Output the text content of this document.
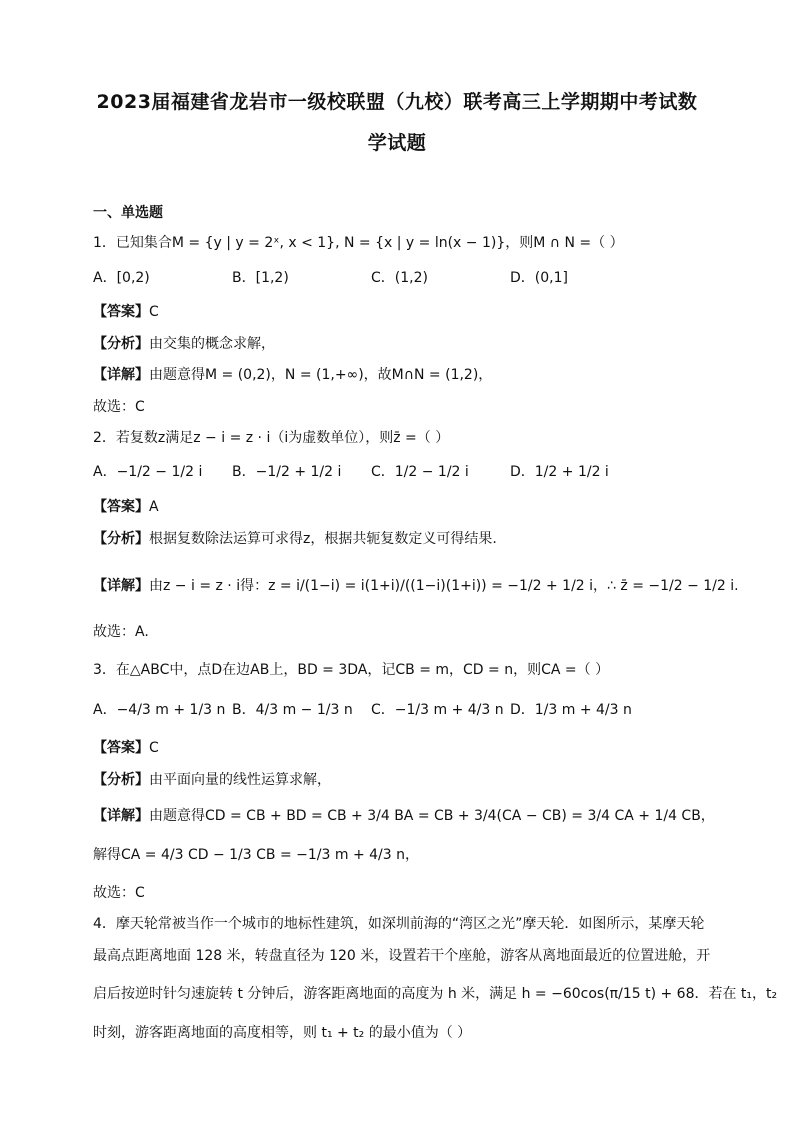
2023届福建省龙岩市一级校联盟（九校）联考高三上学期期中考试数
学试题
一、单选题
1．已知集合M = {y | y = 2ˣ, x < 1}, N = {x | y = ln(x − 1)}，则M ∩ N =（ ）
A．[0,2)	B．[1,2)	C．(1,2)	D．(0,1]
【答案】C
【分析】由交集的概念求解，
【详解】由题意得M = (0,2)，N = (1,+∞)，故M∩N = (1,2)，
故选：C
2．若复数z满足z − i = z · i（i为虚数单位），则z̄ =（ ）
A．−1/2 − 1/2 i B．−1/2 + 1/2 i C．1/2 − 1/2 i	D．1/2 + 1/2 i
【答案】A
【分析】根据复数除法运算可求得z，根据共轭复数定义可得结果.
【详解】由z − i = z · i得：z = i/(1−i) = i(1+i)/((1−i)(1+i)) = −1/2 + 1/2 i，∴ z̄ = −1/2 − 1/2 i.
故选：A.
3．在△ABC中，点D在边AB上，BD = 3DA，记CB = m，CD = n，则CA =（ ）
A．−4/3 m + 1/3 n B．4/3 m − 1/3 n C．−1/3 m + 4/3 n D．1/3 m + 4/3 n
【答案】C
【分析】由平面向量的线性运算求解，
【详解】由题意得CD = CB + BD = CB + 3/4 BA = CB + 3/4(CA − CB) = 3/4 CA + 1/4 CB，
解得CA = 4/3 CD − 1/3 CB = −1/3 m + 4/3 n，
故选：C
4．摩天轮常被当作一个城市的地标性建筑，如深圳前海的“湾区之光”摩天轮．如图所示，某摩天轮
最高点距离地面 128 米，转盘直径为 120 米，设置若干个座舱，游客从离地面最近的位置进舱，开
启后按逆时针匀速旋转 t 分钟后，游客距离地面的高度为 h 米，满足 h = −60cos(π/15 t) + 68．若在 t₁，t₂
时刻，游客距离地面的高度相等，则 t₁ + t₂ 的最小值为（ ）
